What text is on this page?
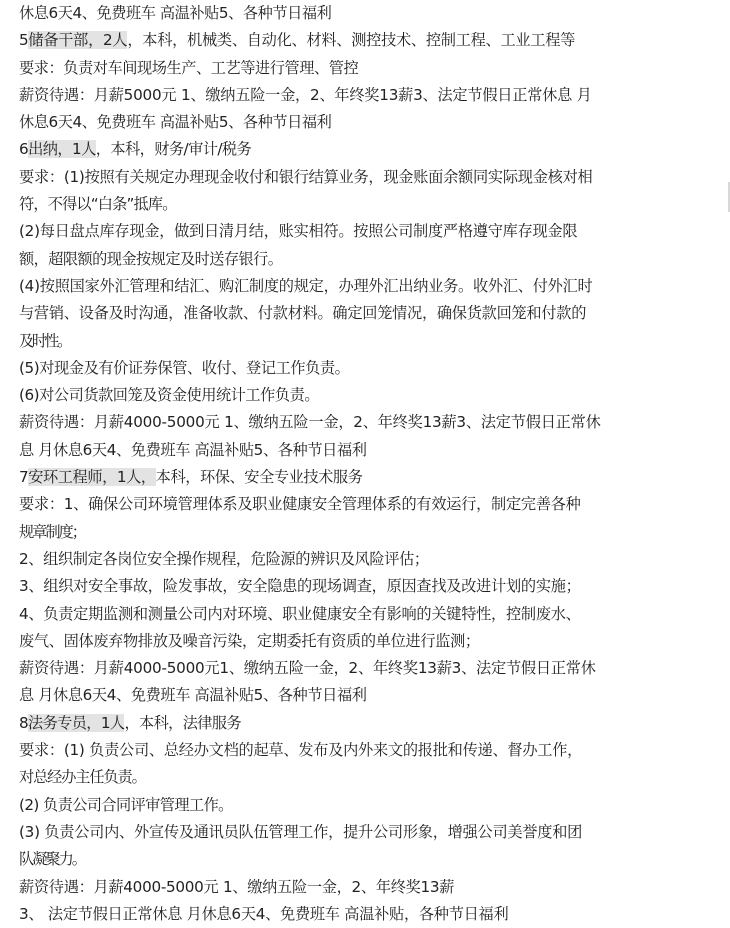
休息6天4、免费班车 高温补贴5、各种节日福利
5储备干部，2人，本科，机械类、自动化、材料、测控技术、控制工程、工业工程等
要求：负责对车间现场生产、工艺等进行管理、管控
薪资待遇：月薪5000元 1、缴纳五险一金，2、年终奖13薪3、法定节假日正常休息 月
休息6天4、免费班车 高温补贴5、各种节日福利
6出纳，1人，本科，财务/审计/税务
要求：(1)按照有关规定办理现金收付和银行结算业务，现金账面余额同实际现金核对相
符，不得以“白条”抵库。
(2)每日盘点库存现金，做到日清月结，账实相符。按照公司制度严格遵守库存现金限
额，超限额的现金按规定及时送存银行。
(4)按照国家外汇管理和结汇、购汇制度的规定，办理外汇出纳业务。收外汇、付外汇时
与营销、设备及时沟通，准备收款、付款材料。确定回笼情况，确保货款回笼和付款的
及时性。
(5)对现金及有价证券保管、收付、登记工作负责。
(6)对公司货款回笼及资金使用统计工作负责。
薪资待遇：月薪4000-5000元 1、缴纳五险一金，2、年终奖13薪3、法定节假日正常休
息 月休息6天4、免费班车 高温补贴5、各种节日福利
7安环工程师，1人，本科，环保、安全专业技术服务
要求：1、确保公司环境管理体系及职业健康安全管理体系的有效运行，制定完善各种
规章制度；
2、组织制定各岗位安全操作规程，危险源的辨识及风险评估；
3、组织对安全事故，险发事故，安全隐患的现场调查，原因查找及改进计划的实施；
4、负责定期监测和测量公司内对环境、职业健康安全有影响的关键特性，控制废水、
废气、固体废弃物排放及噪音污染，定期委托有资质的单位进行监测；
薪资待遇：月薪4000-5000元1、缴纳五险一金，2、年终奖13薪3、法定节假日正常休
息 月休息6天4、免费班车 高温补贴5、各种节日福利
8法务专员，1人，本科，法律服务
要求：(1) 负责公司、总经办文档的起草、发布及内外来文的报批和传递、督办工作，
对总经办主任负责。
(2) 负责公司合同评审管理工作。
(3) 负责公司内、外宣传及通讯员队伍管理工作，提升公司形象，增强公司美誉度和团
队凝聚力。
薪资待遇：月薪4000-5000元 1、缴纳五险一金，2、年终奖13薪
3、 法定节假日正常休息 月休息6天4、免费班车 高温补贴，各种节日福利
